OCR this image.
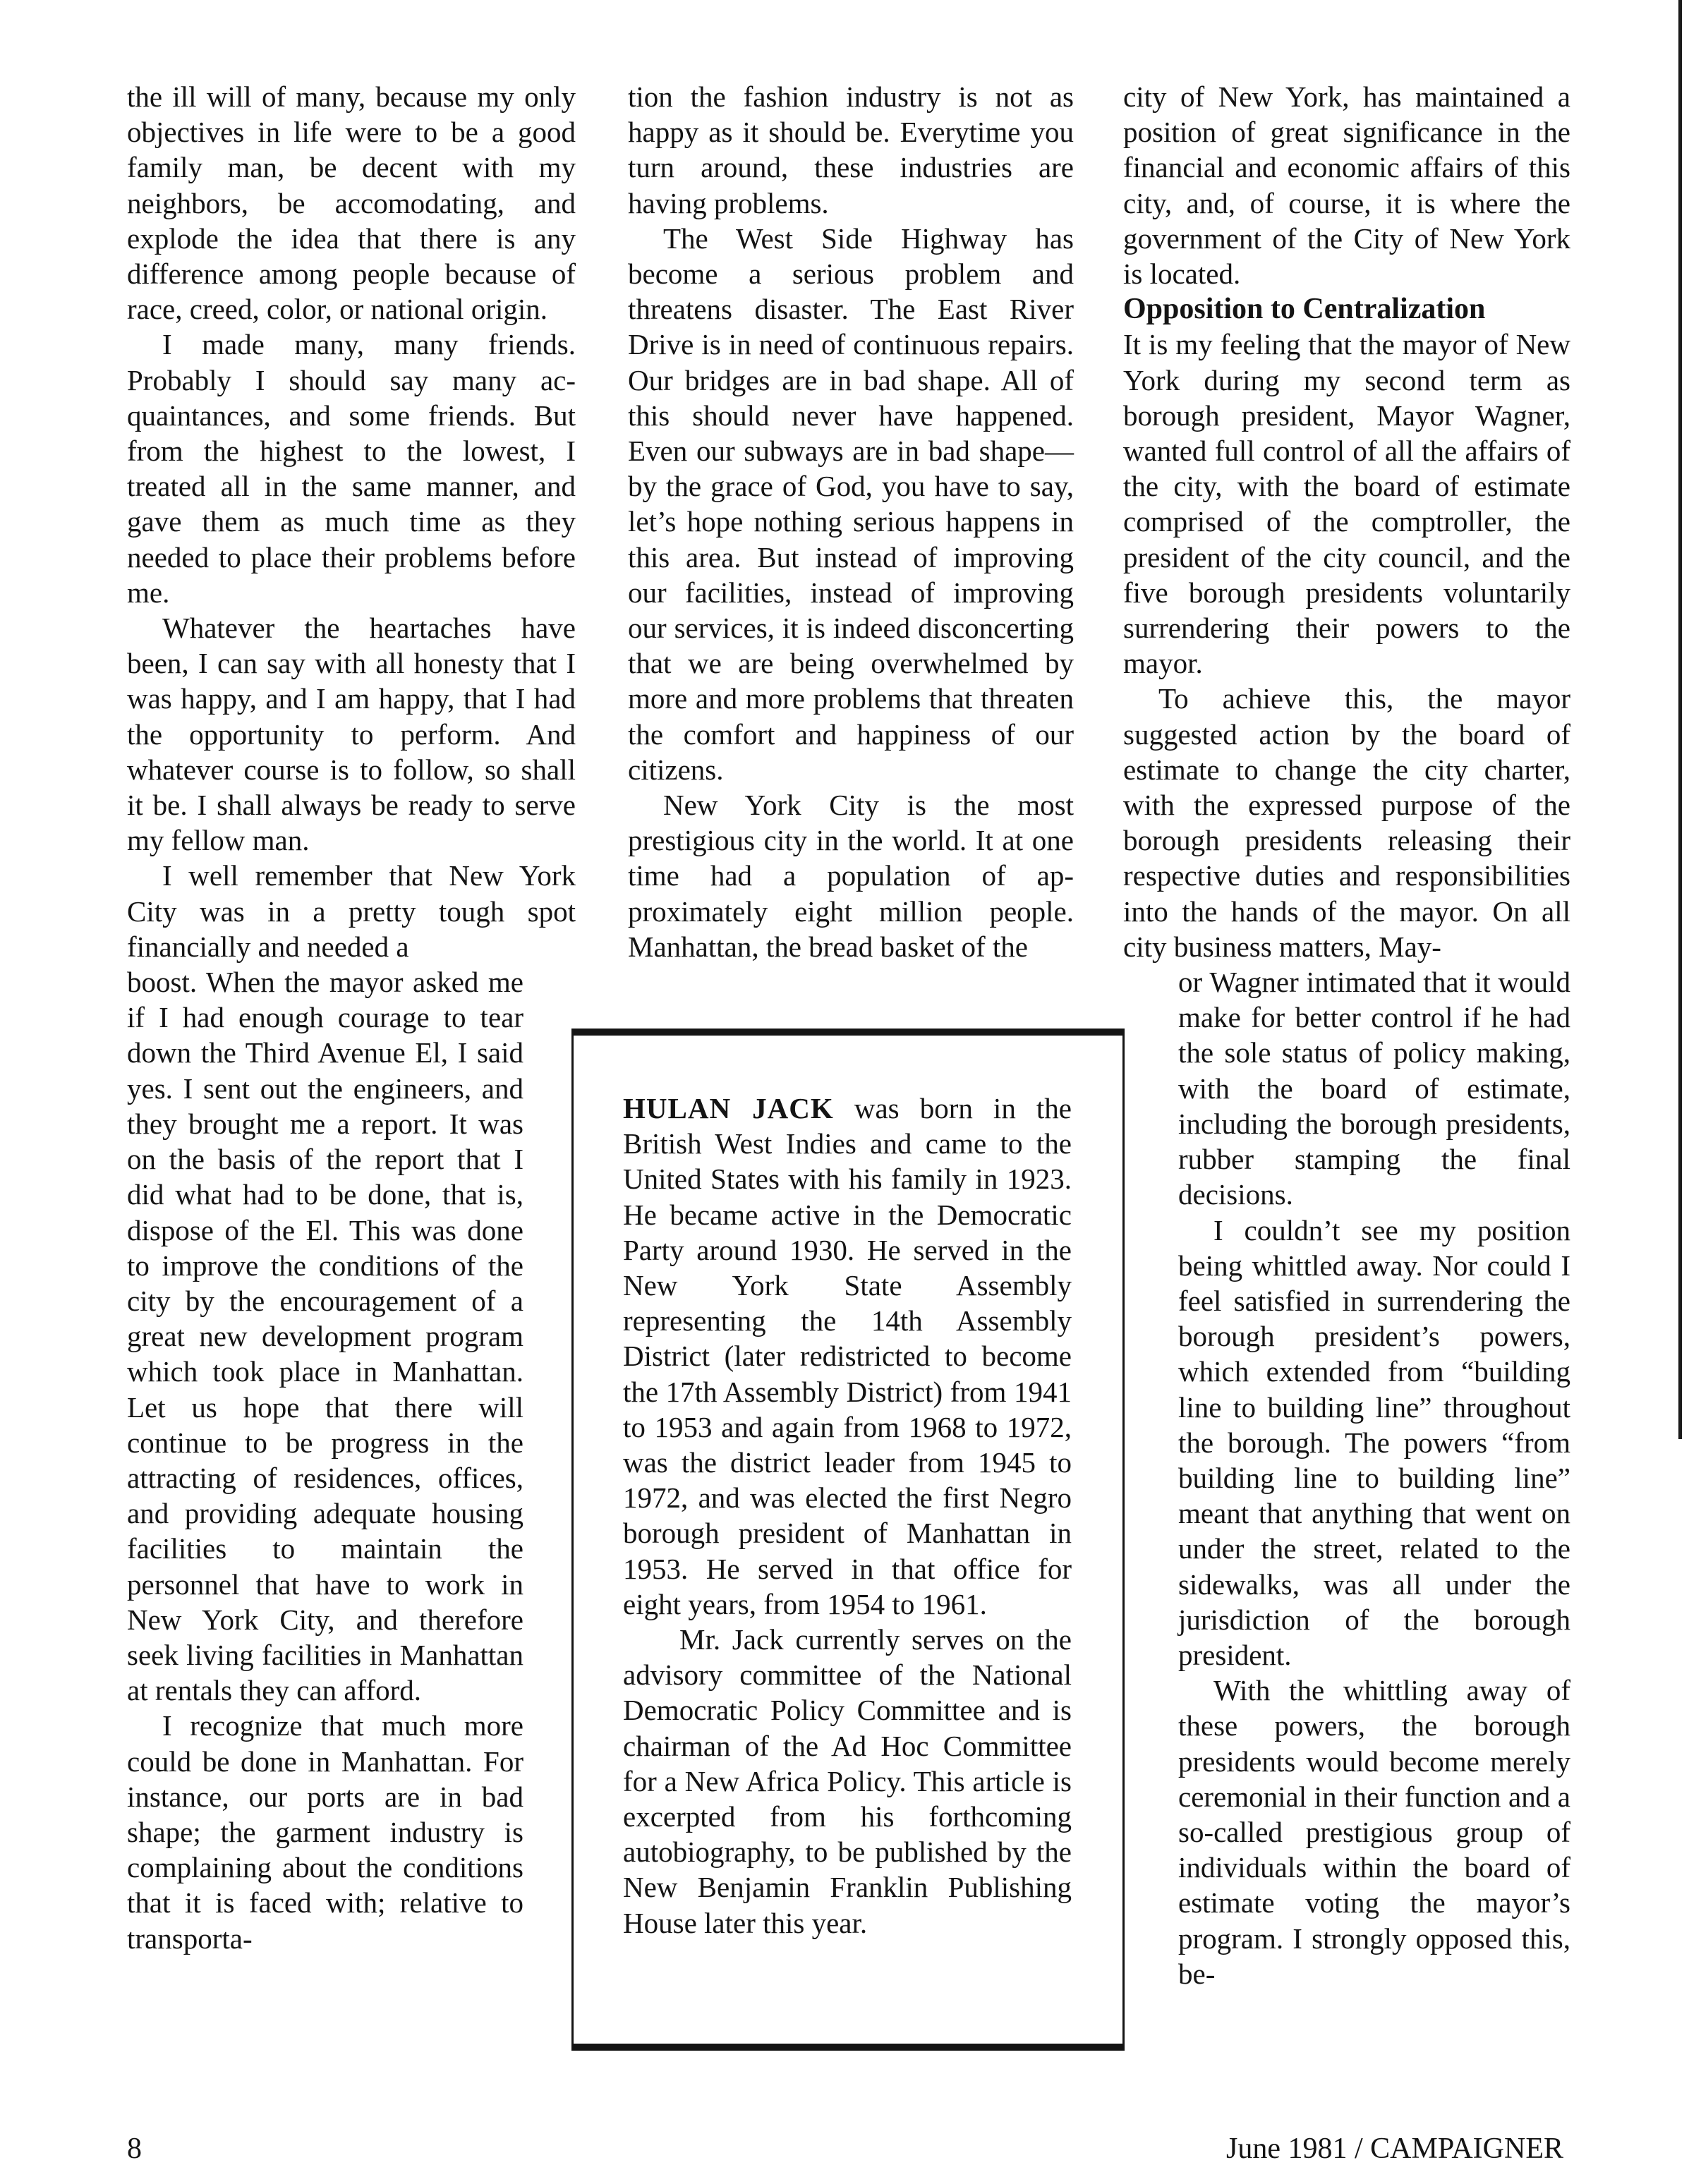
the ill will of many, because my only objectives in life were to be a good family man, be decent with my neighbors, be accomodating, and explode the idea that there is any difference among people because of race, creed, color, or national origin.

I made many, many friends. Probably I should say many acquaintances, and some friends. But from the highest to the lowest, I treated all in the same manner, and gave them as much time as they needed to place their problems before me.

Whatever the heartaches have been, I can say with all honesty that I was happy, and I am happy, that I had the opportunity to perform. And whatever course is to follow, so shall it be. I shall always be ready to serve my fellow man.

I well remember that New York City was in a pretty tough spot financially and needed a

boost. When the mayor asked me if I had enough courage to tear down the Third Avenue El, I said yes. I sent out the engineers, and they brought me a report. It was on the basis of the report that I did what had to be done, that is, dispose of the El. This was done to improve the conditions of the city by the encouragement of a great new development program which took place in Manhattan. Let us hope that there will continue to be progress in the attracting of residences, offices, and providing adequate housing facilities to maintain the personnel that have to work in New York City, and therefore seek living facilities in Manhattan at rentals they can afford.

I recognize that much more could be done in Manhattan. For instance, our ports are in bad shape; the garment industry is complaining about the conditions that it is faced with; relative to transporta-

tion the fashion industry is not as happy as it should be. Everytime you turn around, these industries are having problems.

The West Side Highway has become a serious problem and threatens disaster. The East River Drive is in need of continuous repairs. Our bridges are in bad shape. All of this should never have happened. Even our subways are in bad shape—by the grace of God, you have to say, let’s hope nothing serious happens in this area. But instead of improving our facilities, instead of improving our services, it is indeed disconcerting that we are being overwhelmed by more and more problems that threaten the comfort and happiness of our citizens.

New York City is the most prestigious city in the world. It at one time had a population of approximately eight million people. Manhattan, the bread basket of the

city of New York, has maintained a position of great significance in the financial and economic affairs of this city, and, of course, it is where the government of the City of New York is located.

Opposition to Centralization

It is my feeling that the mayor of New York during my second term as borough president, Mayor Wagner, wanted full control of all the affairs of the city, with the board of estimate comprised of the comptroller, the president of the city council, and the five borough presidents voluntarily surrendering their powers to the mayor.

To achieve this, the mayor suggested action by the board of estimate to change the city charter, with the expressed purpose of the borough presidents releasing their respective duties and responsibilities into the hands of the mayor. On all city business matters, May-

or Wagner intimated that it would make for better control if he had the sole status of policy making, with the board of estimate, including the borough presidents, rubber stamping the final decisions.

I couldn’t see my position being whittled away. Nor could I feel satisfied in surrendering the borough president’s powers, which extended from “building line to building line” throughout the borough. The powers “from building line to building line” meant that anything that went on under the street, related to the sidewalks, was all under the jurisdiction of the borough president.

With the whittling away of these powers, the borough presidents would become merely ceremonial in their function and a so-called prestigious group of individuals within the board of estimate voting the mayor’s program. I strongly opposed this, be-

HULAN JACK was born in the British West Indies and came to the United States with his family in 1923. He became active in the Democratic Party around 1930. He served in the New York State Assembly representing the 14th Assembly District (later redistricted to become the 17th Assembly District) from 1941 to 1953 and again from 1968 to 1972, was the district leader from 1945 to 1972, and was elected the first Negro borough president of Manhattan in 1953. He served in that office for eight years, from 1954 to 1961.

Mr. Jack currently serves on the advisory committee of the National Democratic Policy Committee and is chairman of the Ad Hoc Committee for a New Africa Policy. This article is excerpted from his forthcoming autobiography, to be published by the New Benjamin Franklin Publishing House later this year.

8	June 1981 / CAMPAIGNER
